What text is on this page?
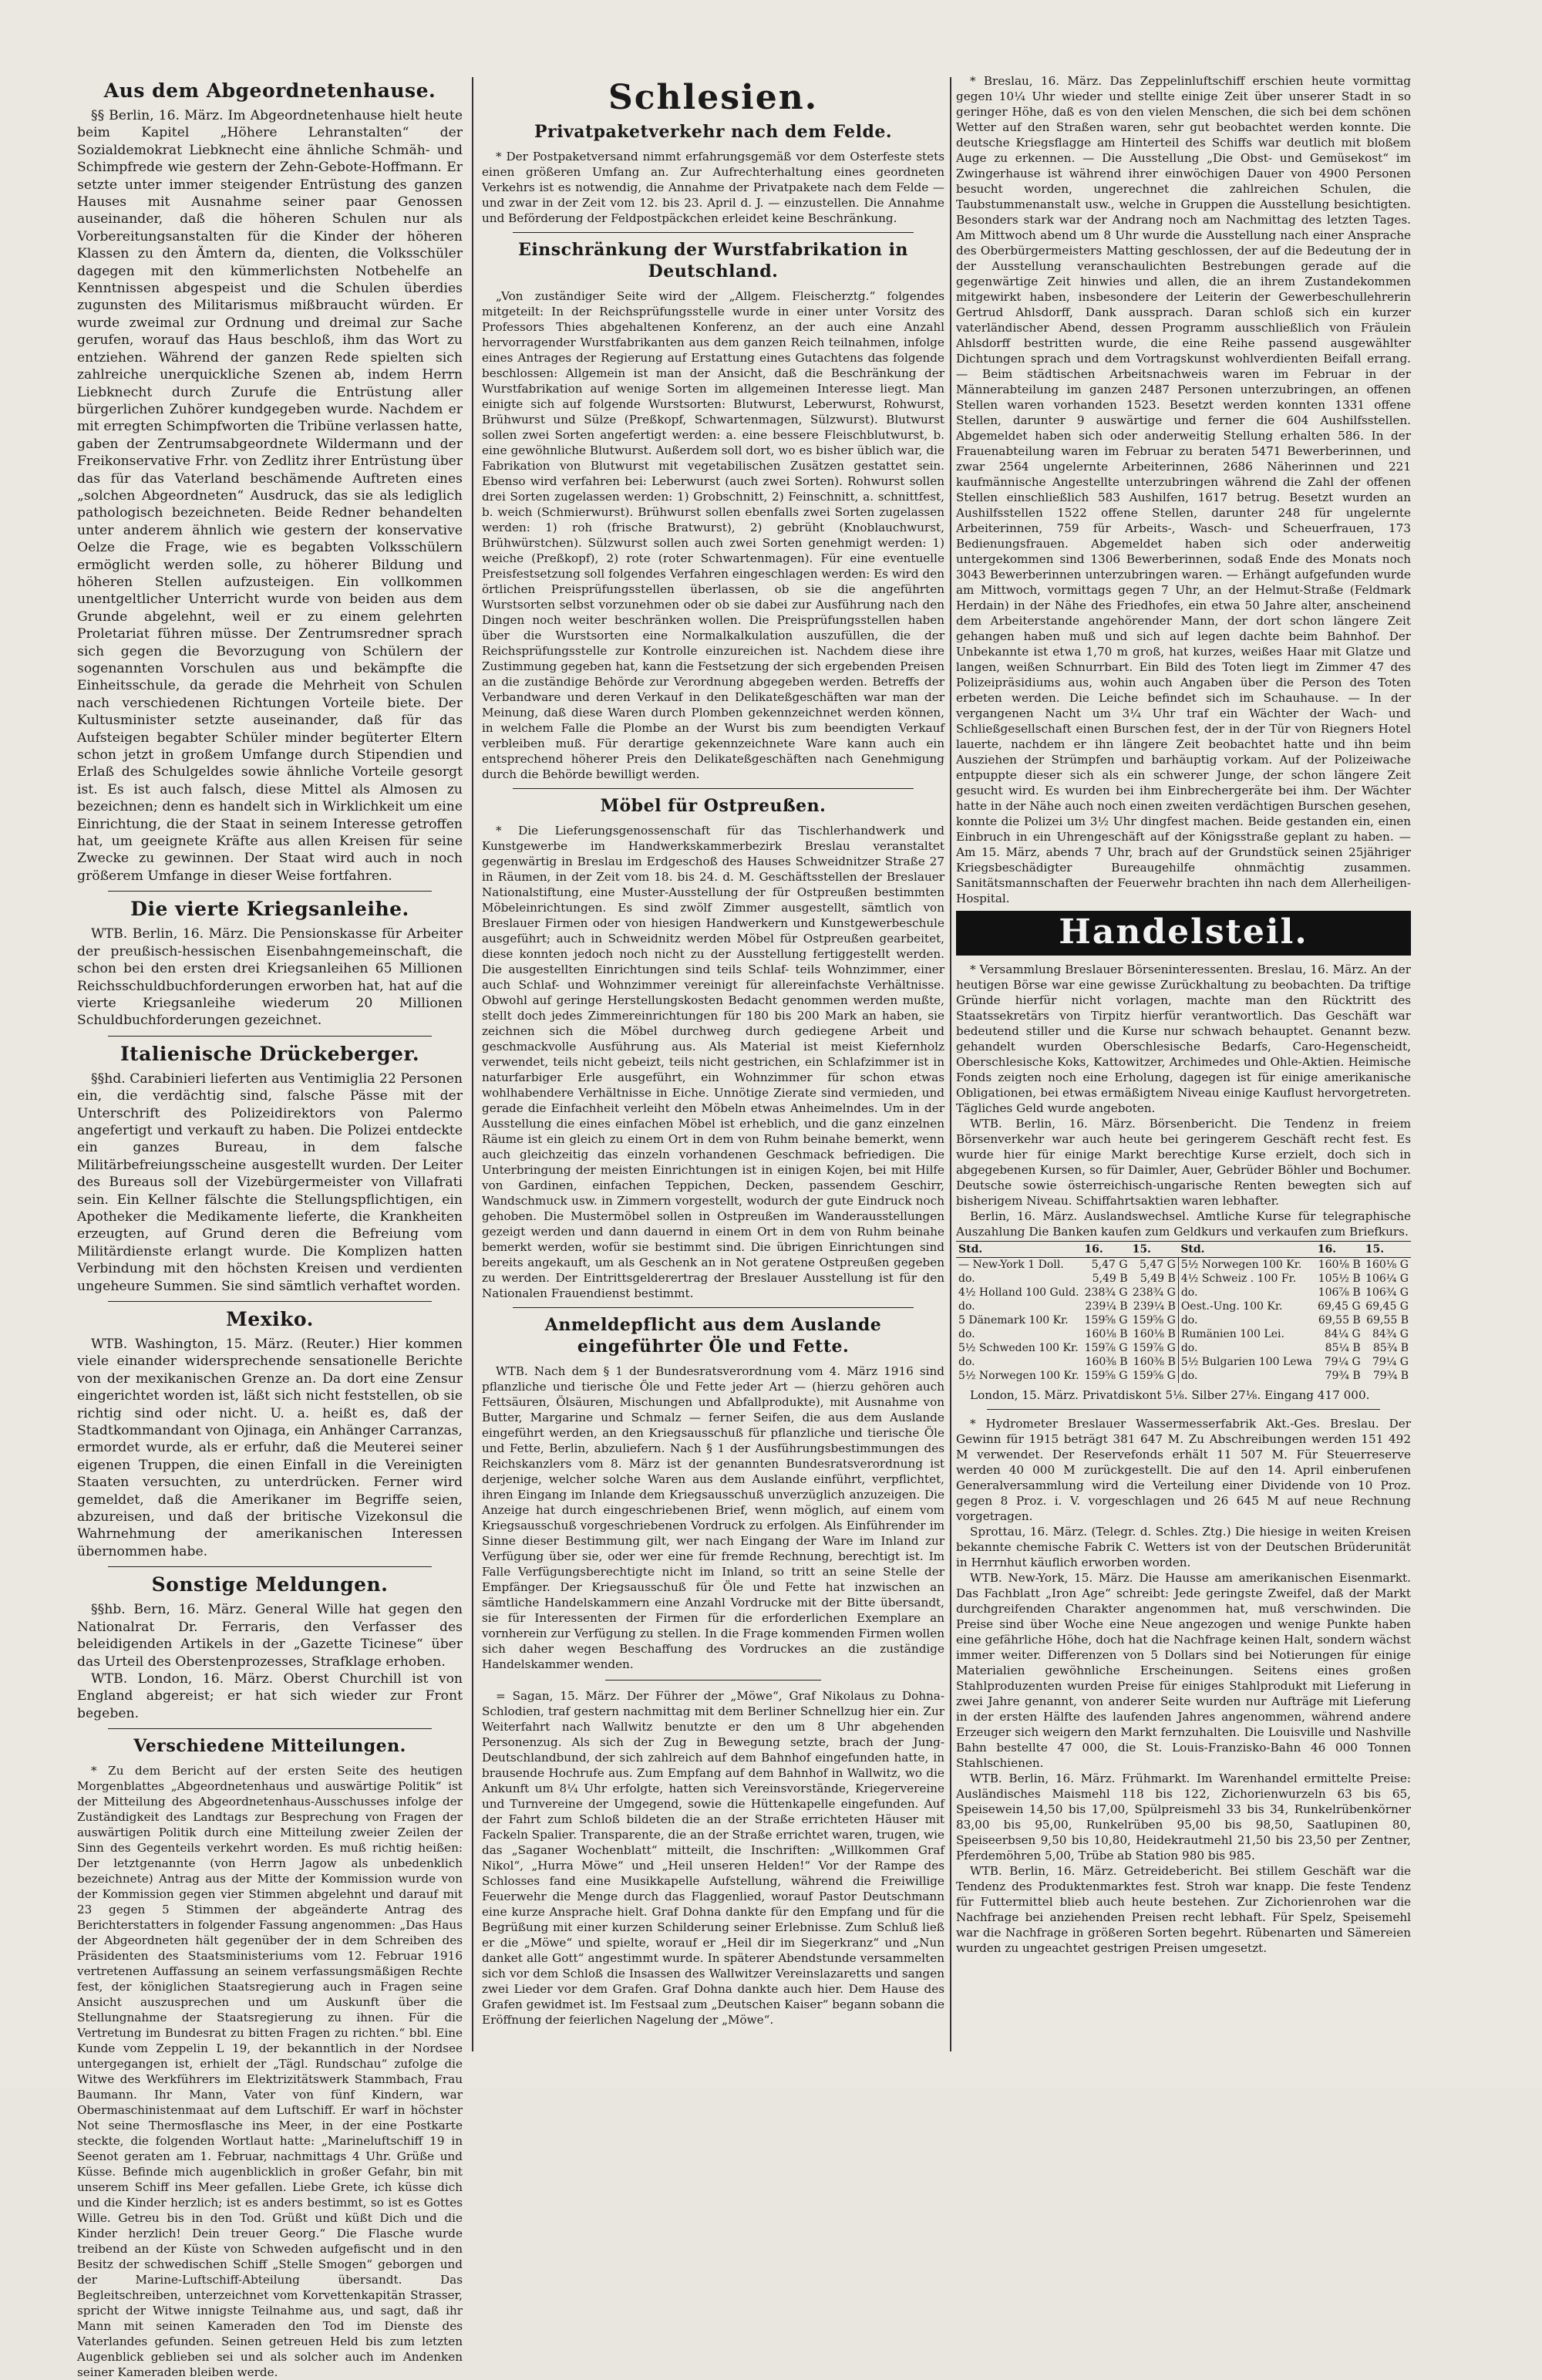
Aus dem Abgeordnetenhause.

§§ Berlin, 16. März. Im Abgeordnetenhause hielt heute beim Kapitel „Höhere Lehranstalten“ der Sozialdemokrat Liebknecht eine ähnliche Schmäh- und Schimpfrede wie gestern der Zehn-Gebote-Hoffmann. Er setzte unter immer steigender Entrüstung des ganzen Hauses mit Ausnahme seiner paar Genossen auseinander, daß die höheren Schulen nur als Vorbereitungsanstalten für die Kinder der höheren Klassen zu den Ämtern da, dienten, die Volksschüler dagegen mit den kümmerlichsten Notbehelfe an Kenntnissen abgespeist und die Schulen überdies zugunsten des Militarismus mißbraucht würden. Er wurde zweimal zur Ordnung und dreimal zur Sache gerufen, worauf das Haus beschloß, ihm das Wort zu entziehen. Während der ganzen Rede spielten sich zahlreiche unerquickliche Szenen ab, indem Herrn Liebknecht durch Zurufe die Entrüstung aller bürgerlichen Zuhörer kundgegeben wurde. Nachdem er mit erregten Schimpfworten die Tribüne verlassen hatte, gaben der Zentrumsabgeordnete Wildermann und der Freikonservative Frhr. von Zedlitz ihrer Entrüstung über das für das Vaterland beschämende Auftreten eines „solchen Abgeordneten“ Ausdruck, das sie als lediglich pathologisch bezeichneten. Beide Redner behandelten unter anderem ähnlich wie gestern der konservative Oelze die Frage, wie es begabten Volksschülern ermöglicht werden solle, zu höherer Bildung und höheren Stellen aufzusteigen. Ein vollkommen unentgeltlicher Unterricht wurde von beiden aus dem Grunde abgelehnt, weil er zu einem gelehrten Proletariat führen müsse. Der Zentrumsredner sprach sich gegen die Bevorzugung von Schülern der sogenannten Vorschulen aus und bekämpfte die Einheitsschule, da gerade die Mehrheit von Schulen nach verschiedenen Richtungen Vorteile biete. Der Kultusminister setzte auseinander, daß für das Aufsteigen begabter Schüler minder begüterter Eltern schon jetzt in großem Umfange durch Stipendien und Erlaß des Schulgeldes sowie ähnliche Vorteile gesorgt ist. Es ist auch falsch, diese Mittel als Almosen zu bezeichnen; denn es handelt sich in Wirklichkeit um eine Einrichtung, die der Staat in seinem Interesse getroffen hat, um geeignete Kräfte aus allen Kreisen für seine Zwecke zu gewinnen. Der Staat wird auch in noch größerem Umfange in dieser Weise fortfahren.

Die vierte Kriegsanleihe.

WTB. Berlin, 16. März. Die Pensionskasse für Arbeiter der preußisch-hessischen Eisenbahngemeinschaft, die schon bei den ersten drei Kriegsanleihen 65 Millionen Reichsschuldbuchforderungen erworben hat, hat auf die vierte Kriegsanleihe wiederum 20 Millionen Schuldbuchforderungen gezeichnet.

Italienische Drückeberger.

§§hd. Carabinieri lieferten aus Ventimiglia 22 Personen ein, die verdächtig sind, falsche Pässe mit der Unterschrift des Polizeidirektors von Palermo angefertigt und verkauft zu haben. Die Polizei entdeckte ein ganzes Bureau, in dem falsche Militärbefreiungsscheine ausgestellt wurden. Der Leiter des Bureaus soll der Vizebürgermeister von Villafrati sein. Ein Kellner fälschte die Stellungspflichtigen, ein Apotheker die Medikamente lieferte, die Krankheiten erzeugten, auf Grund deren die Befreiung vom Militärdienste erlangt wurde. Die Komplizen hatten Verbindung mit den höchsten Kreisen und verdienten ungeheure Summen. Sie sind sämtlich verhaftet worden.

Mexiko.

WTB. Washington, 15. März. (Reuter.) Hier kommen viele einander widersprechende sensationelle Berichte von der mexikanischen Grenze an. Da dort eine Zensur eingerichtet worden ist, läßt sich nicht feststellen, ob sie richtig sind oder nicht. U. a. heißt es, daß der Stadtkommandant von Ojinaga, ein Anhänger Carranzas, ermordet wurde, als er erfuhr, daß die Meuterei seiner eigenen Truppen, die einen Einfall in die Vereinigten Staaten versuchten, zu unterdrücken. Ferner wird gemeldet, daß die Amerikaner im Begriffe seien, abzureisen, und daß der britische Vizekonsul die Wahrnehmung der amerikanischen Interessen übernommen habe.

Sonstige Meldungen.

§§hb. Bern, 16. März. General Wille hat gegen den Nationalrat Dr. Ferraris, den Verfasser des beleidigenden Artikels in der „Gazette Ticinese“ über das Urteil des Oberstenprozesses, Strafklage erhoben.

WTB. London, 16. März. Oberst Churchill ist von England abgereist; er hat sich wieder zur Front begeben.

Verschiedene Mitteilungen.

* Zu dem Bericht auf der ersten Seite des heutigen Morgenblattes „Abgeordnetenhaus und auswärtige Politik“ ist der Mitteilung des Abgeordnetenhaus-Ausschusses infolge der Zuständigkeit des Landtags zur Besprechung von Fragen der auswärtigen Politik durch eine Mitteilung zweier Zeilen der Sinn des Gegenteils verkehrt worden. Es muß richtig heißen: Der letztgenannte (von Herrn Jagow als unbedenklich bezeichnete) Antrag aus der Mitte der Kommission wurde von der Kommission gegen vier Stimmen abgelehnt und darauf mit 23 gegen 5 Stimmen der abgeänderte Antrag des Berichterstatters in folgender Fassung angenommen: „Das Haus der Abgeordneten hält gegenüber der in dem Schreiben des Präsidenten des Staatsministeriums vom 12. Februar 1916 vertretenen Auffassung an seinem verfassungsmäßigen Rechte fest, der königlichen Staatsregierung auch in Fragen seine Ansicht auszusprechen und um Auskunft über die Stellungnahme der Staatsregierung zu ihnen. Für die Vertretung im Bundesrat zu bitten Fragen zu richten.“ bbl. Eine Kunde vom Zeppelin L 19, der bekanntlich in der Nordsee untergegangen ist, erhielt der „Tägl. Rundschau“ zufolge die Witwe des Werkführers im Elektrizitätswerk Stammbach, Frau Baumann. Ihr Mann, Vater von fünf Kindern, war Obermaschinistenmaat auf dem Luftschiff. Er warf in höchster Not seine Thermosflasche ins Meer, in der eine Postkarte steckte, die folgenden Wortlaut hatte: „Marineluftschiff 19 in Seenot geraten am 1. Februar, nachmittags 4 Uhr. Grüße und Küsse. Befinde mich augenblicklich in großer Gefahr, bin mit unserem Schiff ins Meer gefallen. Liebe Grete, ich küsse dich und die Kinder herzlich; ist es anders bestimmt, so ist es Gottes Wille. Getreu bis in den Tod. Grüßt und küßt Dich und die Kinder herzlich! Dein treuer Georg.“ Die Flasche wurde treibend an der Küste von Schweden aufgefischt und in den Besitz der schwedischen Schiff „Stelle Smogen“ geborgen und der Marine-Luftschiff-Abteilung übersandt. Das Begleitschreiben, unterzeichnet vom Korvettenkapitän Strasser, spricht der Witwe innigste Teilnahme aus, und sagt, daß ihr Mann mit seinen Kameraden den Tod im Dienste des Vaterlandes gefunden. Seinen getreuen Held bis zum letzten Augenblick geblieben sei und als solcher auch im Andenken seiner Kameraden bleiben werde.

Schlesien.
Privatpaketverkehr nach dem Felde.

* Der Postpaketversand nimmt erfahrungsgemäß vor dem Osterfeste stets einen größeren Umfang an. Zur Aufrechterhaltung eines geordneten Verkehrs ist es notwendig, die Annahme der Privatpakete nach dem Felde — und zwar in der Zeit vom 12. bis 23. April d. J. — einzustellen. Die Annahme und Beförderung der Feldpostpäckchen erleidet keine Beschränkung.

Einschränkung der Wurstfabrikation in Deutschland.

„Von zuständiger Seite wird der „Allgem. Fleischerztg.“ folgendes mitgeteilt: In der Reichsprüfungsstelle wurde in einer unter Vorsitz des Professors Thies abgehaltenen Konferenz, an der auch eine Anzahl hervorragender Wurstfabrikanten aus dem ganzen Reich teilnahmen, infolge eines Antrages der Regierung auf Erstattung eines Gutachtens das folgende beschlossen: Allgemein ist man der Ansicht, daß die Beschränkung der Wurstfabrikation auf wenige Sorten im allgemeinen Interesse liegt. Man einigte sich auf folgende Wurstsorten: Blutwurst, Leberwurst, Rohwurst, Brühwurst und Sülze (Preßkopf, Schwartenmagen, Sülzwurst). Blutwurst sollen zwei Sorten angefertigt werden: a. eine bessere Fleischblutwurst, b. eine gewöhnliche Blutwurst. Außerdem soll dort, wo es bisher üblich war, die Fabrikation von Blutwurst mit vegetabilischen Zusätzen gestattet sein. Ebenso wird verfahren bei: Leberwurst (auch zwei Sorten). Rohwurst sollen drei Sorten zugelassen werden: 1) Grobschnitt, 2) Feinschnitt, a. schnittfest, b. weich (Schmierwurst). Brühwurst sollen ebenfalls zwei Sorten zugelassen werden: 1) roh (frische Bratwurst), 2) gebrüht (Knoblauchwurst, Brühwürstchen). Sülzwurst sollen auch zwei Sorten genehmigt werden: 1) weiche (Preßkopf), 2) rote (roter Schwartenmagen). Für eine eventuelle Preisfestsetzung soll folgendes Verfahren eingeschlagen werden: Es wird den örtlichen Preisprüfungsstellen überlassen, ob sie die angeführten Wurstsorten selbst vorzunehmen oder ob sie dabei zur Ausführung nach den Dingen noch weiter beschränken wollen. Die Preisprüfungsstellen haben über die Wurstsorten eine Normalkalkulation auszufüllen, die der Reichsprüfungsstelle zur Kontrolle einzureichen ist. Nachdem diese ihre Zustimmung gegeben hat, kann die Festsetzung der sich ergebenden Preisen an die zuständige Behörde zur Verordnung abgegeben werden. Betreffs der Verbandware und deren Verkauf in den Delikateßgeschäften war man der Meinung, daß diese Waren durch Plomben gekennzeichnet werden können, in welchem Falle die Plombe an der Wurst bis zum beendigten Verkauf verbleiben muß. Für derartige gekennzeichnete Ware kann auch ein entsprechend höherer Preis den Delikateßgeschäften nach Genehmigung durch die Behörde bewilligt werden.

Möbel für Ostpreußen.

* Die Lieferungsgenossenschaft für das Tischlerhandwerk und Kunstgewerbe im Handwerkskammerbezirk Breslau veranstaltet gegenwärtig in Breslau im Erdgeschoß des Hauses Schweidnitzer Straße 27 in Räumen, in der Zeit vom 18. bis 24. d. M. Geschäftsstellen der Breslauer Nationalstiftung, eine Muster-Ausstellung der für Ostpreußen bestimmten Möbeleinrichtungen. Es sind zwölf Zimmer ausgestellt, sämtlich von Breslauer Firmen oder von hiesigen Handwerkern und Kunstgewerbeschule ausgeführt; auch in Schweidnitz werden Möbel für Ostpreußen gearbeitet, diese konnten jedoch noch nicht zu der Ausstellung fertiggestellt werden. Die ausgestellten Einrichtungen sind teils Schlaf- teils Wohnzimmer, einer auch Schlaf- und Wohnzimmer vereinigt für allereinfachste Verhältnisse. Obwohl auf geringe Herstellungskosten Bedacht genommen werden mußte, stellt doch jedes Zimmereinrichtungen für 180 bis 200 Mark an haben, sie zeichnen sich die Möbel durchweg durch gediegene Arbeit und geschmackvolle Ausführung aus. Als Material ist meist Kiefernholz verwendet, teils nicht gebeizt, teils nicht gestrichen, ein Schlafzimmer ist in naturfarbiger Erle ausgeführt, ein Wohnzimmer für schon etwas wohlhabendere Verhältnisse in Eiche. Unnötige Zierate sind vermieden, und gerade die Einfachheit verleiht den Möbeln etwas Anheimelndes. Um in der Ausstellung die eines einfachen Möbel ist erheblich, und die ganz einzelnen Räume ist ein gleich zu einem Ort in dem von Ruhm beinahe bemerkt, wenn auch gleichzeitig das einzeln vorhandenen Geschmack befriedigen. Die Unterbringung der meisten Einrichtungen ist in einigen Kojen, bei mit Hilfe von Gardinen, einfachen Teppichen, Decken, passendem Geschirr, Wandschmuck usw. in Zimmern vorgestellt, wodurch der gute Eindruck noch gehoben. Die Mustermöbel sollen in Ostpreußen im Wanderausstellungen gezeigt werden und dann dauernd in einem Ort in dem von Ruhm beinahe bemerkt werden, wofür sie bestimmt sind. Die übrigen Einrichtungen sind bereits angekauft, um als Geschenk an in Not geratene Ostpreußen gegeben zu werden. Der Eintrittsgelderertrag der Breslauer Ausstellung ist für den Nationalen Frauendienst bestimmt.

Anmeldepflicht aus dem Auslande eingeführter Öle und Fette.

WTB. Nach dem § 1 der Bundesratsverordnung vom 4. März 1916 sind pflanzliche und tierische Öle und Fette jeder Art — (hierzu gehören auch Fettsäuren, Ölsäuren, Mischungen und Abfallprodukte), mit Ausnahme von Butter, Margarine und Schmalz — ferner Seifen, die aus dem Auslande eingeführt werden, an den Kriegsausschuß für pflanzliche und tierische Öle und Fette, Berlin, abzuliefern. Nach § 1 der Ausführungsbestimmungen des Reichskanzlers vom 8. März ist der genannten Bundesratsverordnung ist derjenige, welcher solche Waren aus dem Auslande einführt, verpflichtet, ihren Eingang im Inlande dem Kriegsausschuß unverzüglich anzuzeigen. Die Anzeige hat durch eingeschriebenen Brief, wenn möglich, auf einem vom Kriegsausschuß vorgeschriebenen Vordruck zu erfolgen. Als Einführender im Sinne dieser Bestimmung gilt, wer nach Eingang der Ware im Inland zur Verfügung über sie, oder wer eine für fremde Rechnung, berechtigt ist. Im Falle Verfügungsberechtigte nicht im Inland, so tritt an seine Stelle der Empfänger. Der Kriegsausschuß für Öle und Fette hat inzwischen an sämtliche Handelskammern eine Anzahl Vordrucke mit der Bitte übersandt, sie für Interessenten der Firmen für die erforderlichen Exemplare an vornherein zur Verfügung zu stellen. In die Frage kommenden Firmen wollen sich daher wegen Beschaffung des Vordruckes an die zuständige Handelskammer wenden.

= Sagan, 15. März. Der Führer der „Möwe“, Graf Nikolaus zu Dohna-Schlodien, traf gestern nachmittag mit dem Berliner Schnellzug hier ein. Zur Weiterfahrt nach Wallwitz benutzte er den um 8 Uhr abgehenden Personenzug. Als sich der Zug in Bewegung setzte, brach der Jung-Deutschlandbund, der sich zahlreich auf dem Bahnhof eingefunden hatte, in brausende Hochrufe aus. Zum Empfang auf dem Bahnhof in Wallwitz, wo die Ankunft um 8¼ Uhr erfolgte, hatten sich Vereinsvorstände, Kriegervereine und Turnvereine der Umgegend, sowie die Hüttenkapelle eingefunden. Auf der Fahrt zum Schloß bildeten die an der Straße errichteten Häuser mit Fackeln Spalier. Transparente, die an der Straße errichtet waren, trugen, wie das „Saganer Wochenblatt“ mitteilt, die Inschriften: „Willkommen Graf Nikol“, „Hurra Möwe“ und „Heil unseren Helden!“ Vor der Rampe des Schlosses fand eine Musikkapelle Aufstellung, während die Freiwillige Feuerwehr die Menge durch das Flaggenlied, worauf Pastor Deutschmann eine kurze Ansprache hielt. Graf Dohna dankte für den Empfang und für die Begrüßung mit einer kurzen Schilderung seiner Erlebnisse. Zum Schluß ließ er die „Möwe“ und spielte, worauf er „Heil dir im Siegerkranz“ und „Nun danket alle Gott“ angestimmt wurde. In späterer Abendstunde versammelten sich vor dem Schloß die Insassen des Wallwitzer Vereinslazaretts und sangen zwei Lieder vor dem Grafen. Graf Dohna dankte auch hier. Dem Hause des Grafen gewidmet ist. Im Festsaal zum „Deutschen Kaiser“ begann sobann die Eröffnung der feierlichen Nagelung der „Möwe“.

* Breslau, 16. März. Das Zeppelinluftschiff erschien heute vormittag gegen 10¼ Uhr wieder und stellte einige Zeit über unserer Stadt in so geringer Höhe, daß es von den vielen Menschen, die sich bei dem schönen Wetter auf den Straßen waren, sehr gut beobachtet werden konnte. Die deutsche Kriegsflagge am Hinterteil des Schiffs war deutlich mit bloßem Auge zu erkennen. — Die Ausstellung „Die Obst- und Gemüsekost“ im Zwingerhause ist während ihrer einwöchigen Dauer von 4900 Personen besucht worden, ungerechnet die zahlreichen Schulen, die Taubstummenanstalt usw., welche in Gruppen die Ausstellung besichtigten. Besonders stark war der Andrang noch am Nachmittag des letzten Tages. Am Mittwoch abend um 8 Uhr wurde die Ausstellung nach einer Ansprache des Oberbürgermeisters Matting geschlossen, der auf die Bedeutung der in der Ausstellung veranschaulichten Bestrebungen gerade auf die gegenwärtige Zeit hinwies und allen, die an ihrem Zustandekommen mitgewirkt haben, insbesondere der Leiterin der Gewerbeschullehrerin Gertrud Ahlsdorff, Dank aussprach. Daran schloß sich ein kurzer vaterländischer Abend, dessen Programm ausschließlich von Fräulein Ahlsdorff bestritten wurde, die eine Reihe passend ausgewählter Dichtungen sprach und dem Vortragskunst wohlverdienten Beifall errang. — Beim städtischen Arbeitsnachweis waren im Februar in der Männerabteilung im ganzen 2487 Personen unterzubringen, an offenen Stellen waren vorhanden 1523. Besetzt werden konnten 1331 offene Stellen, darunter 9 auswärtige und ferner die 604 Aushilfsstellen. Abgemeldet haben sich oder anderweitig Stellung erhalten 586. In der Frauenabteilung waren im Februar zu beraten 5471 Bewerberinnen, und zwar 2564 ungelernte Arbeiterinnen, 2686 Näherinnen und 221 kaufmännische Angestellte unterzubringen während die Zahl der offenen Stellen einschließlich 583 Aushilfen, 1617 betrug. Besetzt wurden an Aushilfsstellen 1522 offene Stellen, darunter 248 für ungelernte Arbeiterinnen, 759 für Arbeits-, Wasch- und Scheuerfrauen, 173 Bedienungsfrauen. Abgemeldet haben sich oder anderweitig untergekommen sind 1306 Bewerberinnen, sodaß Ende des Monats noch 3043 Bewerberinnen unterzubringen waren. — Erhängt aufgefunden wurde am Mittwoch, vormittags gegen 7 Uhr, an der Helmut-Straße (Feldmark Herdain) in der Nähe des Friedhofes, ein etwa 50 Jahre alter, anscheinend dem Arbeiterstande angehörender Mann, der dort schon längere Zeit gehangen haben muß und sich auf legen dachte beim Bahnhof. Der Unbekannte ist etwa 1,70 m groß, hat kurzes, weißes Haar mit Glatze und langen, weißen Schnurrbart. Ein Bild des Toten liegt im Zimmer 47 des Polizeipräsidiums aus, wohin auch Angaben über die Person des Toten erbeten werden. Die Leiche befindet sich im Schauhause. — In der vergangenen Nacht um 3¼ Uhr traf ein Wächter der Wach- und Schließgesellschaft einen Burschen fest, der in der Tür von Riegners Hotel lauerte, nachdem er ihn längere Zeit beobachtet hatte und ihn beim Ausziehen der Strümpfen und barhäuptig vorkam. Auf der Polizeiwache entpuppte dieser sich als ein schwerer Junge, der schon längere Zeit gesucht wird. Es wurden bei ihm Einbrechergeräte bei ihm. Der Wächter hatte in der Nähe auch noch einen zweiten verdächtigen Burschen gesehen, konnte die Polizei um 3½ Uhr dingfest machen. Beide gestanden ein, einen Einbruch in ein Uhrengeschäft auf der Königsstraße geplant zu haben. — Am 15. März, abends 7 Uhr, brach auf der Grundstück seinen 25jähriger Kriegsbeschädigter Bureaugehilfe ohnmächtig zusammen. Sanitätsmannschaften der Feuerwehr brachten ihn nach dem Allerheiligen-Hospital.

Handelsteil.

* Versammlung Breslauer Börseninteressenten. Breslau, 16. März. An der heutigen Börse war eine gewisse Zurückhaltung zu beobachten. Da triftige Gründe hierfür nicht vorlagen, machte man den Rücktritt des Staatssekretärs von Tirpitz hierfür verantwortlich. Das Geschäft war bedeutend stiller und die Kurse nur schwach behauptet. Genannt bezw. gehandelt wurden Oberschlesische Bedarfs, Caro-Hegenscheidt, Oberschlesische Koks, Kattowitzer, Archimedes und Ohle-Aktien. Heimische Fonds zeigten noch eine Erholung, dagegen ist für einige amerikanische Obligationen, bei etwas ermäßigtem Niveau einige Kauflust hervorgetreten. Tägliches Geld wurde angeboten.

WTB. Berlin, 16. März. Börsenbericht. Die Tendenz in freiem Börsenverkehr war auch heute bei geringerem Geschäft recht fest. Es wurde hier für einige Markt berechtige Kurse erzielt, doch sich in abgegebenen Kursen, so für Daimler, Auer, Gebrüder Böhler und Bochumer. Deutsche sowie österreichisch-ungarische Renten bewegten sich auf bisherigem Niveau. Schiffahrtsaktien waren lebhafter.

Berlin, 16. März. Auslandswechsel. Amtliche Kurse für telegraphische Auszahlung Die Banken kaufen zum Geldkurs und verkaufen zum Briefkurs.

Std.	16.	15.	Std.	16.	15.
— New-York 1 Doll.	5,47 G	5,47 G	5½ Norwegen 100 Kr.	160⅛ B	160⅛ G
do.	5,49 B	5,49 B	4½ Schweiz . 100 Fr.	105½ B	106¼ G
4½ Holland 100 Guld.	238¾ G	238¾ G	do.	106⅞ B	106¾ G
do.	239¼ B	239¼ B	Oest.-Ung. 100 Kr.	69,45 G	69,45 G
5 Dänemark 100 Kr.	159⅝ G	159⅝ G	do.	69,55 B	69,55 B
do.	160⅛ B	160⅛ B	Rumänien 100 Lei.	84¼ G	84¾ G
5½ Schweden 100 Kr.	159⅞ G	159⅞ G	do.	85¼ B	85¾ B
do.	160⅜ B	160⅜ B	5½ Bulgarien 100 Lewa	79¼ G	79¼ G
5½ Norwegen 100 Kr.	159⅝ G	159⅝ G	do.	79¾ B	79¾ B

London, 15. März. Privatdiskont 5⅛. Silber 27⅛. Eingang 417 000.

* Hydrometer Breslauer Wassermesserfabrik Akt.-Ges. Breslau. Der Gewinn für 1915 beträgt 381 647 M. Zu Abschreibungen werden 151 492 M verwendet. Der Reservefonds erhält 11 507 M. Für Steuerreserve werden 40 000 M zurückgestellt. Die auf den 14. April einberufenen Generalversammlung wird die Verteilung einer Dividende von 10 Proz. gegen 8 Proz. i. V. vorgeschlagen und 26 645 M auf neue Rechnung vorgetragen.

Sprottau, 16. März. (Telegr. d. Schles. Ztg.) Die hiesige in weiten Kreisen bekannte chemische Fabrik C. Wetters ist von der Deutschen Brüderunität in Herrnhut käuflich erworben worden.

WTB. New-York, 15. März. Die Hausse am amerikanischen Eisenmarkt. Das Fachblatt „Iron Age“ schreibt: Jede geringste Zweifel, daß der Markt durchgreifenden Charakter angenommen hat, muß verschwinden. Die Preise sind über Woche eine Neue angezogen und wenige Punkte haben eine gefährliche Höhe, doch hat die Nachfrage keinen Halt, sondern wächst immer weiter. Differenzen von 5 Dollars sind bei Notierungen für einige Materialien gewöhnliche Erscheinungen. Seitens eines großen Stahlproduzenten wurden Preise für einiges Stahlprodukt mit Lieferung in zwei Jahre genannt, von anderer Seite wurden nur Aufträge mit Lieferung in der ersten Hälfte des laufenden Jahres angenommen, während andere Erzeuger sich weigern den Markt fernzuhalten. Die Louisville und Nashville Bahn bestellte 47 000, die St. Louis-Franzisko-Bahn 46 000 Tonnen Stahlschienen.

WTB. Berlin, 16. März. Frühmarkt. Im Warenhandel ermittelte Preise: Ausländisches Maismehl 118 bis 122, Zichorienwurzeln 63 bis 65, Speisewein 14,50 bis 17,00, Spülpreismehl 33 bis 34, Runkelrübenkörner 83,00 bis 95,00, Runkelrüben 95,00 bis 98,50, Saatlupinen 80, Speiseerbsen 9,50 bis 10,80, Heidekrautmehl 21,50 bis 23,50 per Zentner, Pferdemöhren 5,00, Trübe ab Station 980 bis 985.

WTB. Berlin, 16. März. Getreidebericht. Bei stillem Geschäft war die Tendenz des Produktenmarktes fest. Stroh war knapp. Die feste Tendenz für Futtermittel blieb auch heute bestehen. Zur Zichorienrohen war die Nachfrage bei anziehenden Preisen recht lebhaft. Für Spelz, Speisemehl war die Nachfrage in größeren Sorten begehrt. Rübenarten und Sämereien wurden zu ungeachtet gestrigen Preisen umgesetzt.
